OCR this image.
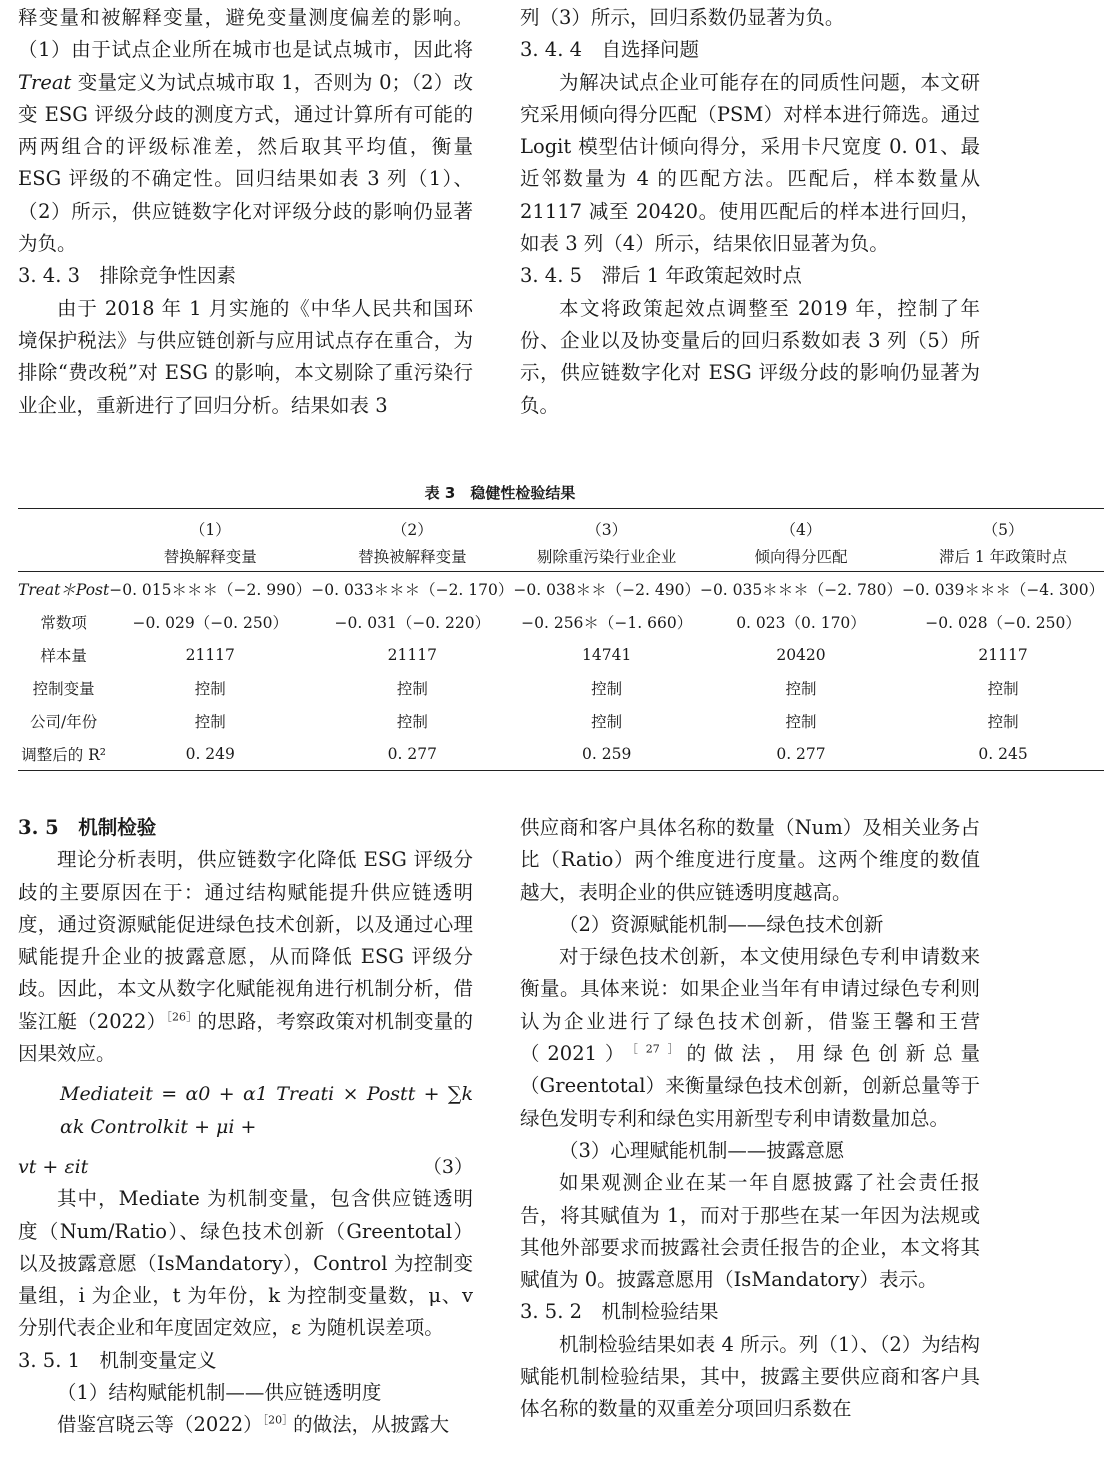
释变量和被解释变量，避免变量测度偏差的影响。（1）由于试点企业所在城市也是试点城市，因此将 Treat 变量定义为试点城市取 1，否则为 0；（2）改变 ESG 评级分歧的测度方式，通过计算所有可能的两两组合的评级标准差，然后取其平均值，衡量 ESG 评级的不确定性。回归结果如表 3 列（1）、（2）所示，供应链数字化对评级分歧的影响仍显著为负。

3. 4. 3　排除竞争性因素

由于 2018 年 1 月实施的《中华人民共和国环境保护税法》与供应链创新与应用试点存在重合，为排除“费改税”对 ESG 的影响，本文剔除了重污染行业企业，重新进行了回归分析。结果如表 3

列（3）所示，回归系数仍显著为负。

3. 4. 4　自选择问题

为解决试点企业可能存在的同质性问题，本文研究采用倾向得分匹配（PSM）对样本进行筛选。通过 Logit 模型估计倾向得分，采用卡尺宽度 0. 01、最近邻数量为 4 的匹配方法。匹配后，样本数量从 21117 减至 20420。使用匹配后的样本进行回归，如表 3 列（4）所示，结果依旧显著为负。

3. 4. 5　滞后 1 年政策起效时点

本文将政策起效点调整至 2019 年，控制了年份、企业以及协变量后的回归系数如表 3 列（5）所示，供应链数字化对 ESG 评级分歧的影响仍显著为负。

表 3　稳健性检验结果
	（1）	（2）	（3）	（4）	（5）
	替换解释变量	替换被解释变量	剔除重污染行业企业	倾向得分匹配	滞后 1 年政策时点
Treat＊Post	−0. 015＊＊＊（−2. 990）	−0. 033＊＊＊（−2. 170）	−0. 038＊＊（−2. 490）	−0. 035＊＊＊（−2. 780）	−0. 039＊＊＊（−4. 300）
常数项	−0. 029（−0. 250）	−0. 031（−0. 220）	−0. 256＊（−1. 660）	0. 023（0. 170）	−0. 028（−0. 250）
样本量	21117	21117	14741	20420	21117
控制变量	控制	控制	控制	控制	控制
公司/年份	控制	控制	控制	控制	控制
调整后的 R²	0. 249	0. 277	0. 259	0. 277	0. 245
3. 5　机制检验

理论分析表明，供应链数字化降低 ESG 评级分歧的主要原因在于：通过结构赋能提升供应链透明度，通过资源赋能促进绿色技术创新，以及通过心理赋能提升企业的披露意愿，从而降低 ESG 评级分歧。因此，本文从数字化赋能视角进行机制分析，借鉴江艇$(2022)^{[26]}$的思路，考察政策对机制变量的因果效应。

Mediateit = α0 + α1 Treati × Postt + ∑k αk Controlkit + μi +
vt + εit	（3）

其中，Mediate 为机制变量，包含供应链透明度（Num/Ratio）、绿色技术创新（Greentotal）以及披露意愿（IsMandatory），Control 为控制变量组，i 为企业，t 为年份，k 为控制变量数，μ、v 分别代表企业和年度固定效应，ε 为随机误差项。

3. 5. 1　机制变量定义

（1）结构赋能机制——供应链透明度

借鉴宫晓云等$(2022)^{[20]}$的做法，从披露大

供应商和客户具体名称的数量（Num）及相关业务占比（Ratio）两个维度进行度量。这两个维度的数值越大，表明企业的供应链透明度越高。

（2）资源赋能机制——绿色技术创新

对于绿色技术创新，本文使用绿色专利申请数来衡量。具体来说：如果企业当年有申请过绿色专利则认为企业进行了绿色技术创新，借鉴王馨和王营$(2021)^{[27]}$的做法，用绿色创新总量（Greentotal）来衡量绿色技术创新，创新总量等于绿色发明专利和绿色实用新型专利申请数量加总。

（3）心理赋能机制——披露意愿

如果观测企业在某一年自愿披露了社会责任报告，将其赋值为 1，而对于那些在某一年因为法规或其他外部要求而披露社会责任报告的企业，本文将其赋值为 0。披露意愿用（IsMandatory）表示。

3. 5. 2　机制检验结果

机制检验结果如表 4 所示。列（1）、（2）为结构赋能机制检验结果，其中，披露主要供应商和客户具体名称的数量的双重差分项回归系数在
